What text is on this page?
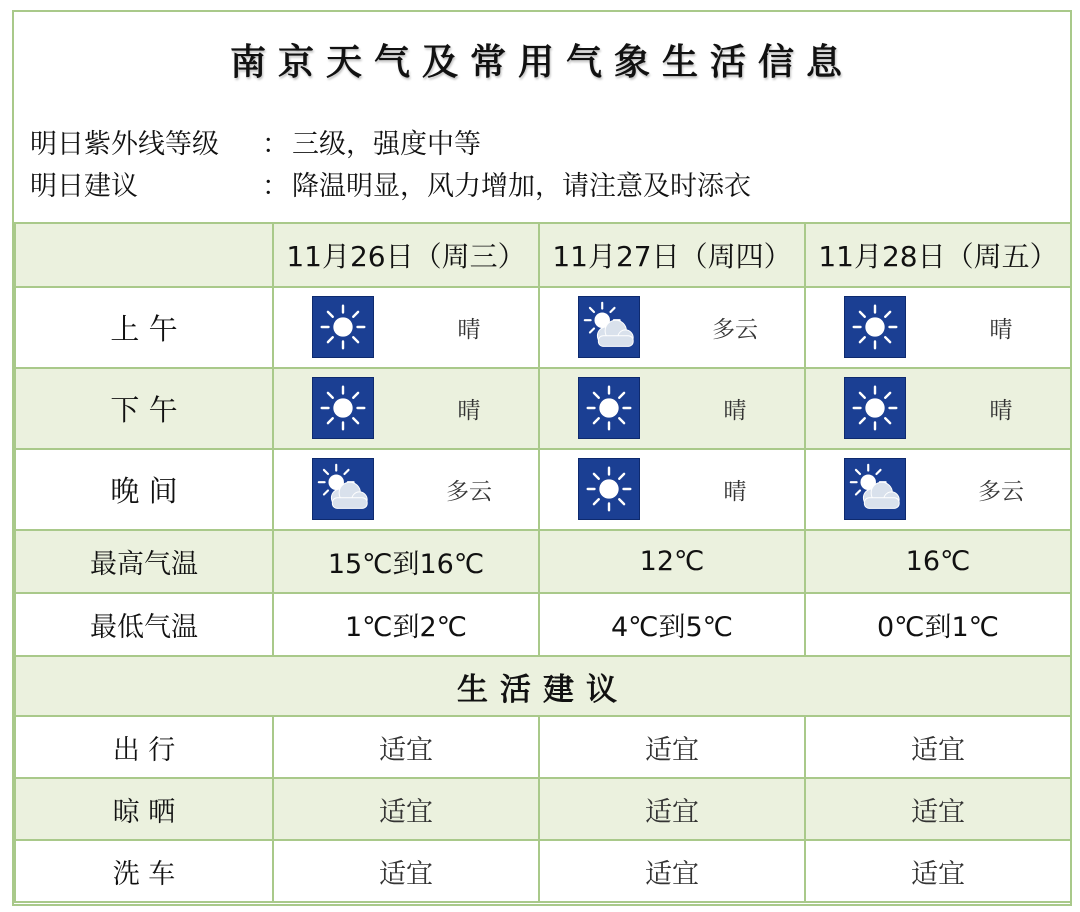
南京天气及常用气象生活信息
明日紫外线等级 ： 三级，强度中等
明日建议	： 降温明显，风力增加，请注意及时添衣
	11月26日（周三）	11月27日（周四）	11月28日（周五）
上 午	晴	多云	晴

下 午	晴	晴	晴

晚 间	多云	晴	多云

最高气温	15℃到16℃	12℃	16℃
最低气温	1℃到2℃	4℃到5℃	0℃到1℃
生活建议			
出 行	适宜	适宜	适宜
晾 晒	适宜	适宜	适宜
洗 车	适宜	适宜	适宜
